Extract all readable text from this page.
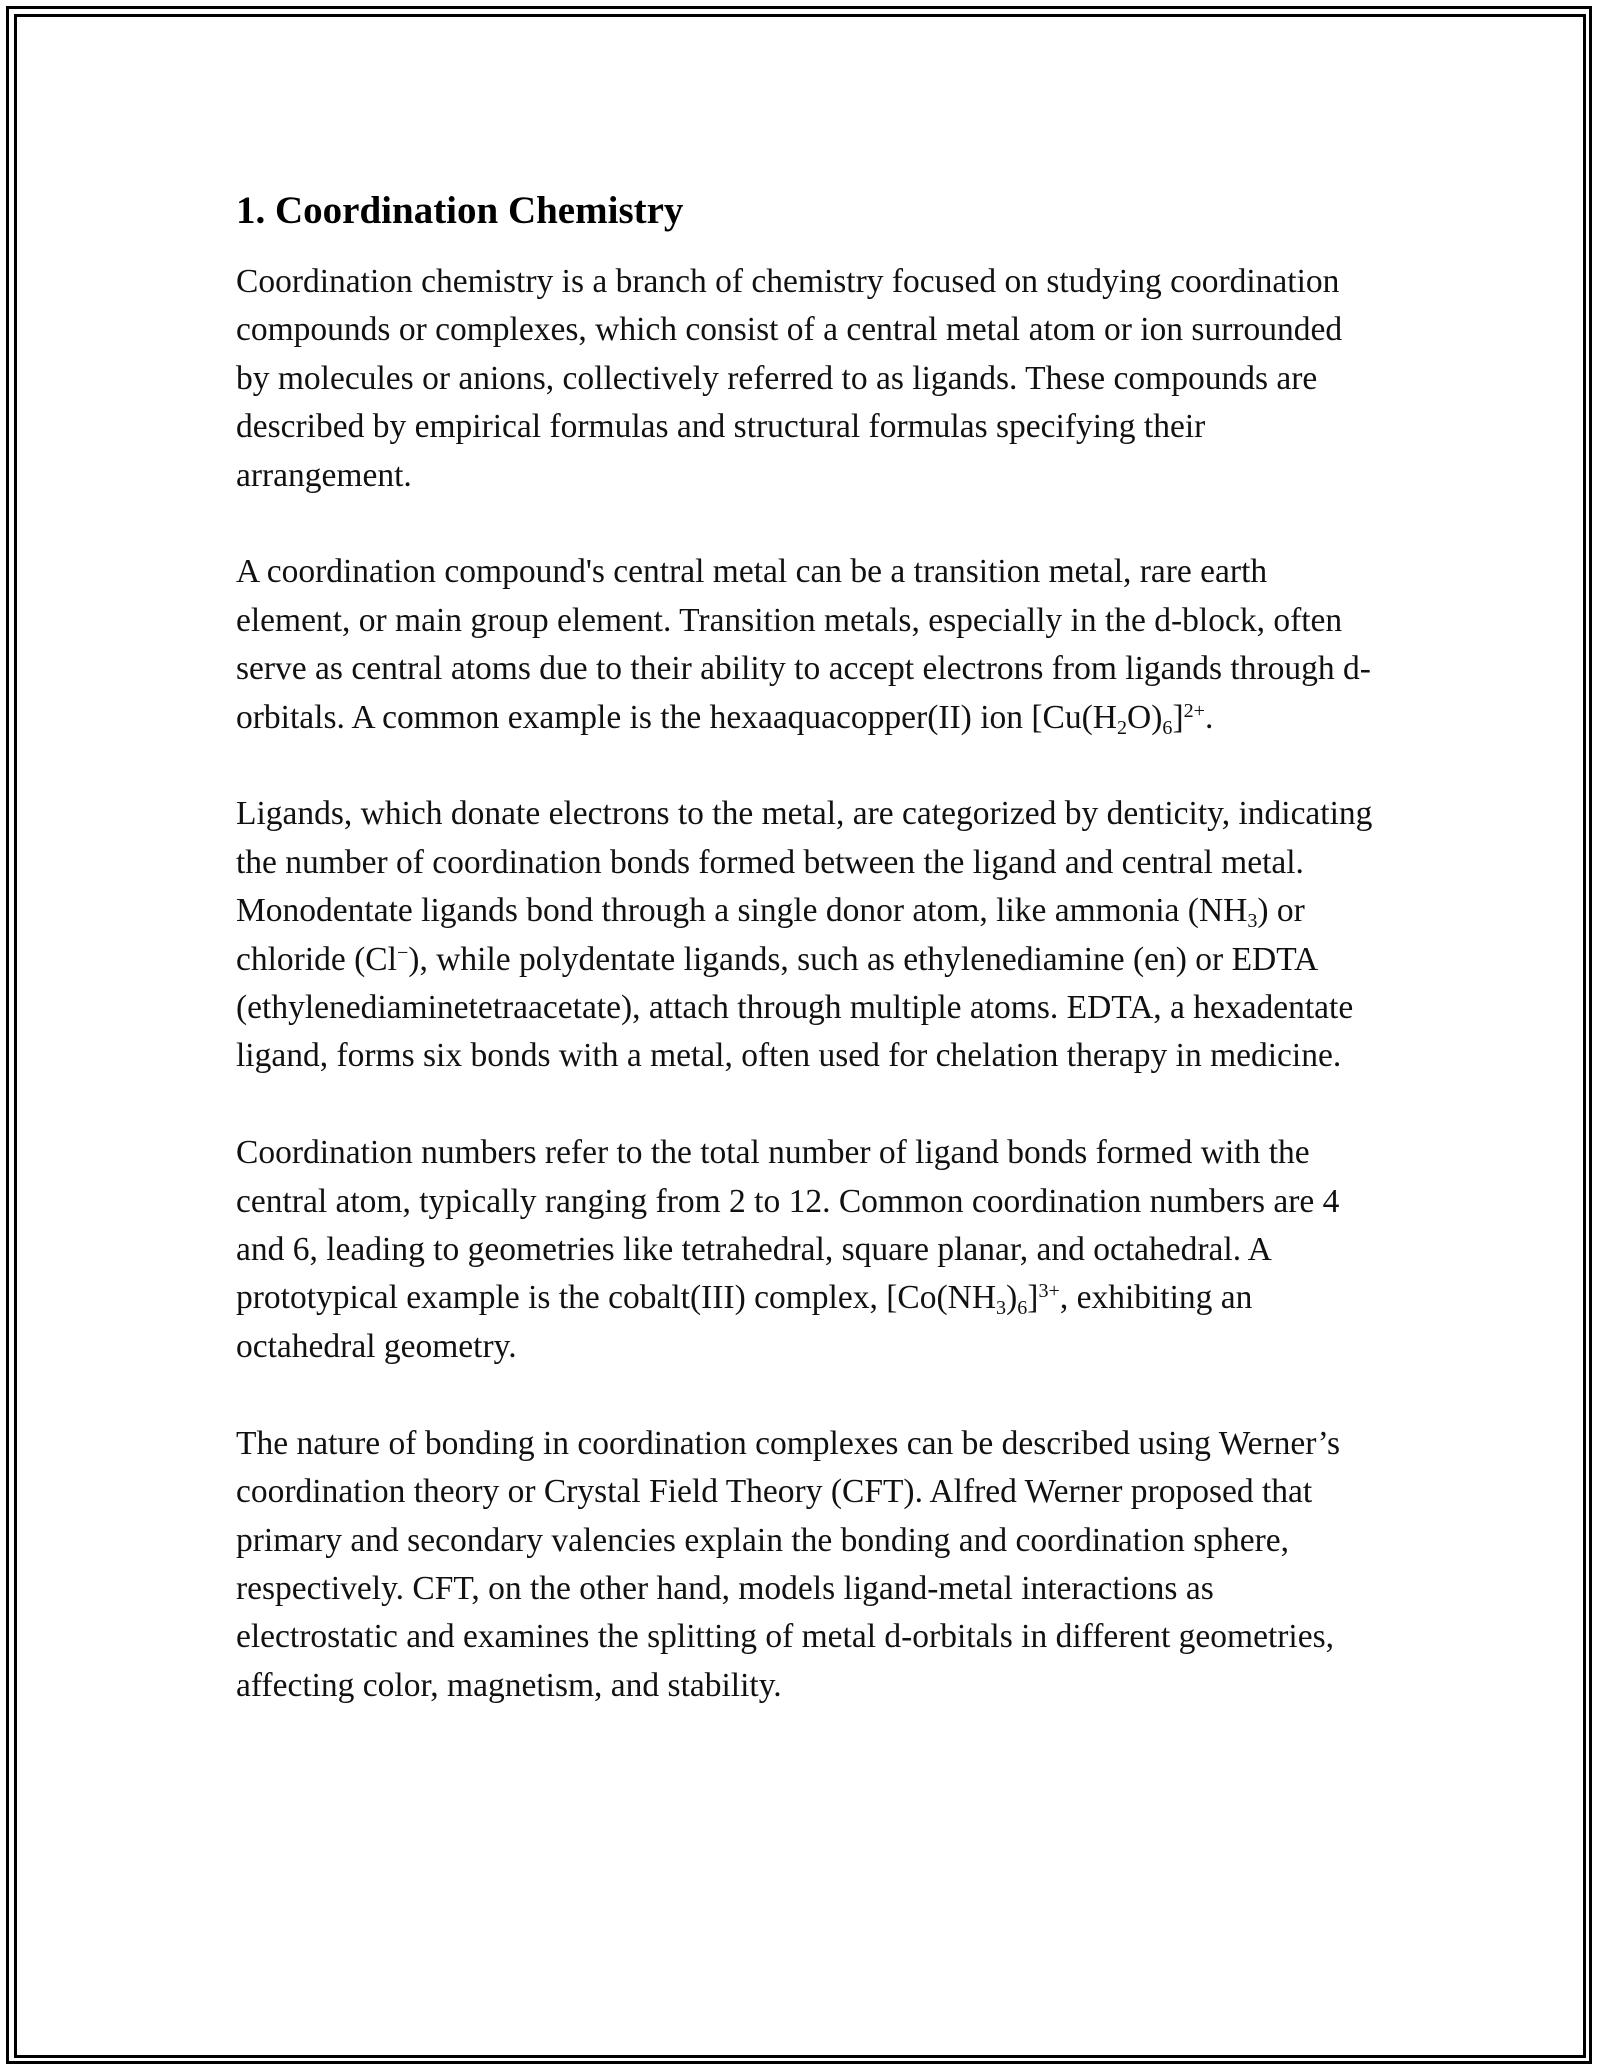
1. Coordination Chemistry

Coordination chemistry is a branch of chemistry focused on studying coordination compounds or complexes, which consist of a central metal atom or ion surrounded by molecules or anions, collectively referred to as ligands. These compounds are described by empirical formulas and structural formulas specifying their arrangement.

A coordination compound's central metal can be a transition metal, rare earth element, or main group element. Transition metals, especially in the d-block, often serve as central atoms due to their ability to accept electrons from ligands through d-orbitals. A common example is the hexaaquacopper(II) ion $[Cu(H_2O)_6]^{2+}$.

Ligands, which donate electrons to the metal, are categorized by denticity, indicating the number of coordination bonds formed between the ligand and central metal. Monodentate ligands bond through a single donor atom, like ammonia $(NH_3)$ or chloride (Cl−), while polydentate ligands, such as ethylenediamine (en) or EDTA (ethylenediaminetetraacetate), attach through multiple atoms. EDTA, a hexadentate ligand, forms six bonds with a metal, often used for chelation therapy in medicine.

Coordination numbers refer to the total number of ligand bonds formed with the central atom, typically ranging from 2 to 12. Common coordination numbers are 4 and 6, leading to geometries like tetrahedral, square planar, and octahedral. A prototypical example is the cobalt(III) complex, $[Co(NH_3)_6]^{3+}$, exhibiting an octahedral geometry.

The nature of bonding in coordination complexes can be described using Werner’s coordination theory or Crystal Field Theory (CFT). Alfred Werner proposed that primary and secondary valencies explain the bonding and coordination sphere, respectively. CFT, on the other hand, models ligand-metal interactions as electrostatic and examines the splitting of metal d-orbitals in different geometries, affecting color, magnetism, and stability.
